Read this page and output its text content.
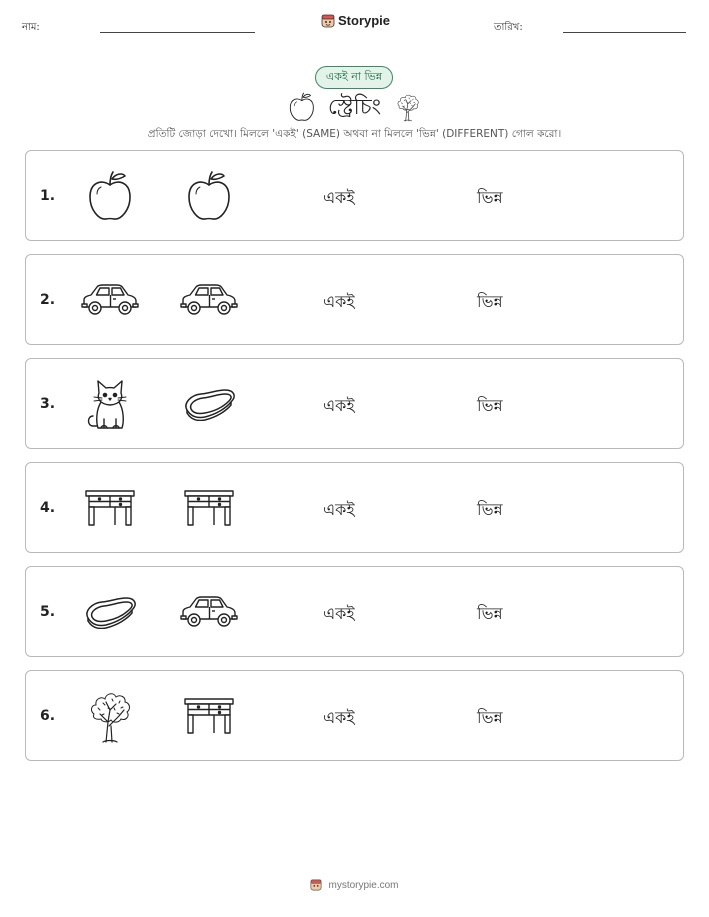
নাম:	Storypie	তারিখ:
একই না ভিন্ন
স্ট্রেচিং
প্রতিটি জোড়া দেখো। মিললে 'একই' (SAME) অথবা না মিললে 'ভিন্ন' (DIFFERENT) গোল করো।
1.	একই	ভিন্ন
2.	একই	ভিন্ন
3.	একই	ভিন্ন
4.	একই	ভিন্ন
5.	একই	ভিন্ন
6.	একই	ভিন্ন
mystorypie.com
